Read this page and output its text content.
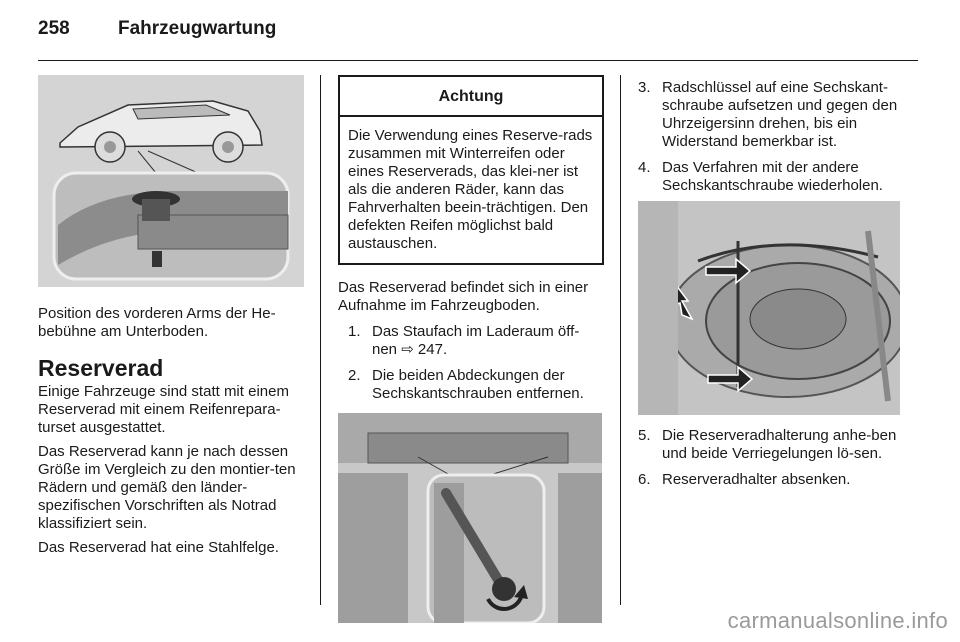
258	Fahrzeugwartung

Position des vorderen Arms der He-bebühne am Unterboden.

Reserverad

Einige Fahrzeuge sind statt mit einem Reserverad mit einem Reifenrepara-turset ausgestattet.

Das Reserverad kann je nach dessen Größe im Vergleich zu den montier-ten Rädern und gemäß den länder-spezifischen Vorschriften als Notrad klassifiziert sein.

Das Reserverad hat eine Stahlfelge.

Achtung
Die Verwendung eines Reserve-rads zusammen mit Winterreifen oder eines Reserverads, das klei-ner ist als die anderen Räder, kann das Fahrverhalten beein-trächtigen. Den defekten Reifen möglichst bald austauschen.

Das Reserverad befindet sich in einer Aufnahme im Fahrzeugboden.

1. Das Staufach im Laderaum öff-nen ⇨ 247.
2. Die beiden Abdeckungen der Sechskantschrauben entfernen.
3. Radschlüssel auf eine Sechskant-schraube aufsetzen und gegen den Uhrzeigersinn drehen, bis ein Widerstand bemerkbar ist.
4. Das Verfahren mit der andere Sechskantschraube wiederholen.
5. Die Reserveradhalterung anhe-ben und beide Verriegelungen lö-sen.
6. Reserveradhalter absenken.
carmanualsonline.info
